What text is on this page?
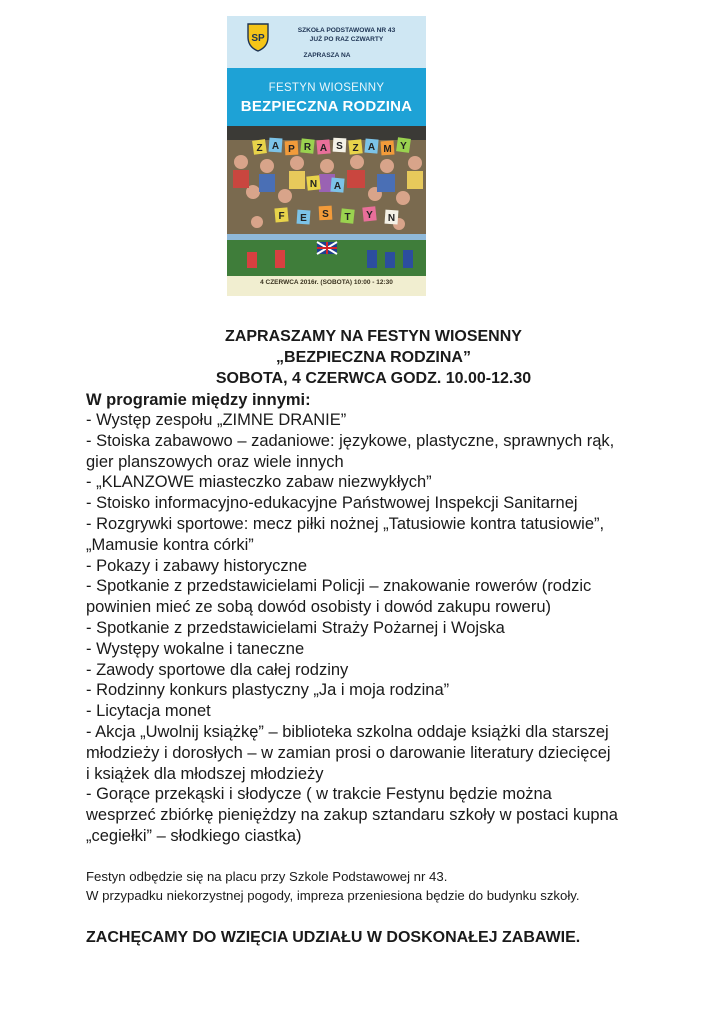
SP
SZKOŁA PODSTAWOWA NR 43
JUŻ PO RAZ CZWARTY
ZAPRASZA NA
FESTYN WIOSENNY
BEZPIECZNA RODZINA
Z A P R A S Z A M Y
N A
F E S T Y N
4 CZERWCA 2016r. (SOBOTA) 10:00 - 12:30
ZAPRASZAMY NA FESTYN WIOSENNY
„BEZPIECZNA RODZINA”
SOBOTA, 4 CZERWCA GODZ. 10.00-12.30
W programie między innymi:
- Występ zespołu „ZIMNE DRANIE”
- Stoiska zabawowo – zadaniowe: językowe, plastyczne, sprawnych rąk,
gier planszowych oraz wiele innych
- „KLANZOWE miasteczko zabaw niezwykłych”
- Stoisko informacyjno-edukacyjne Państwowej Inspekcji Sanitarnej
- Rozgrywki sportowe: mecz piłki nożnej „Tatusiowie kontra tatusiowie”,
„Mamusie kontra córki”
- Pokazy i zabawy historyczne
- Spotkanie z przedstawicielami Policji – znakowanie rowerów (rodzic
powinien mieć ze sobą dowód osobisty i dowód zakupu roweru)
- Spotkanie z przedstawicielami Straży Pożarnej i Wojska
- Występy wokalne i taneczne
- Zawody sportowe dla całej rodziny
- Rodzinny konkurs plastyczny „Ja i moja rodzina”
- Licytacja monet
- Akcja „Uwolnij książkę” – biblioteka szkolna oddaje książki dla starszej
młodzieży i dorosłych – w zamian prosi o darowanie literatury dziecięcej
i książek dla młodszej młodzieży
- Gorące przekąski i słodycze ( w trakcie Festynu będzie można
wesprzeć zbiórkę pieniężdzy na zakup sztandaru szkoły w postaci kupna
„cegiełki” – słodkiego ciastka)
Festyn odbędzie się na placu przy Szkole Podstawowej nr 43.
W przypadku niekorzystnej pogody, impreza przeniesiona będzie do budynku szkoły.
ZACHĘCAMY DO WZIĘCIA UDZIAŁU W DOSKONAŁEJ ZABAWIE.
